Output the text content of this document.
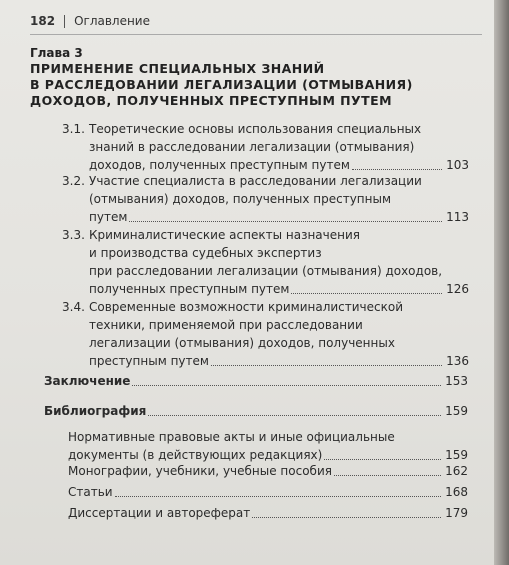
182 Оглавление
Глава 3
ПРИМЕНЕНИЕ СПЕЦИАЛЬНЫХ ЗНАНИЙ
В РАССЛЕДОВАНИИ ЛЕГАЛИЗАЦИИ (ОТМЫВАНИЯ)
ДОХОДОВ, ПОЛУЧЕННЫХ ПРЕСТУПНЫМ ПУТЕМ
3.1. Теоретические основы использования специальных
знаний в расследовании легализации (отмывания)
доходов, полученных преступным путем	103
3.2. Участие специалиста в расследовании легализации
(отмывания) доходов, полученных преступным
путем	113
3.3. Криминалистические аспекты назначения
и производства судебных экспертиз
при расследовании легализации (отмывания) доходов,
полученных преступным путем	126
3.4. Современные возможности криминалистической
техники, применяемой при расследовании
легализации (отмывания) доходов, полученных
преступным путем	136
Заключение	153
Библиография	159
Нормативные правовые акты и иные официальные
документы (в действующих редакциях)	159
Монографии, учебники, учебные пособия	162
Статьи	168
Диссертации и автореферат	179
